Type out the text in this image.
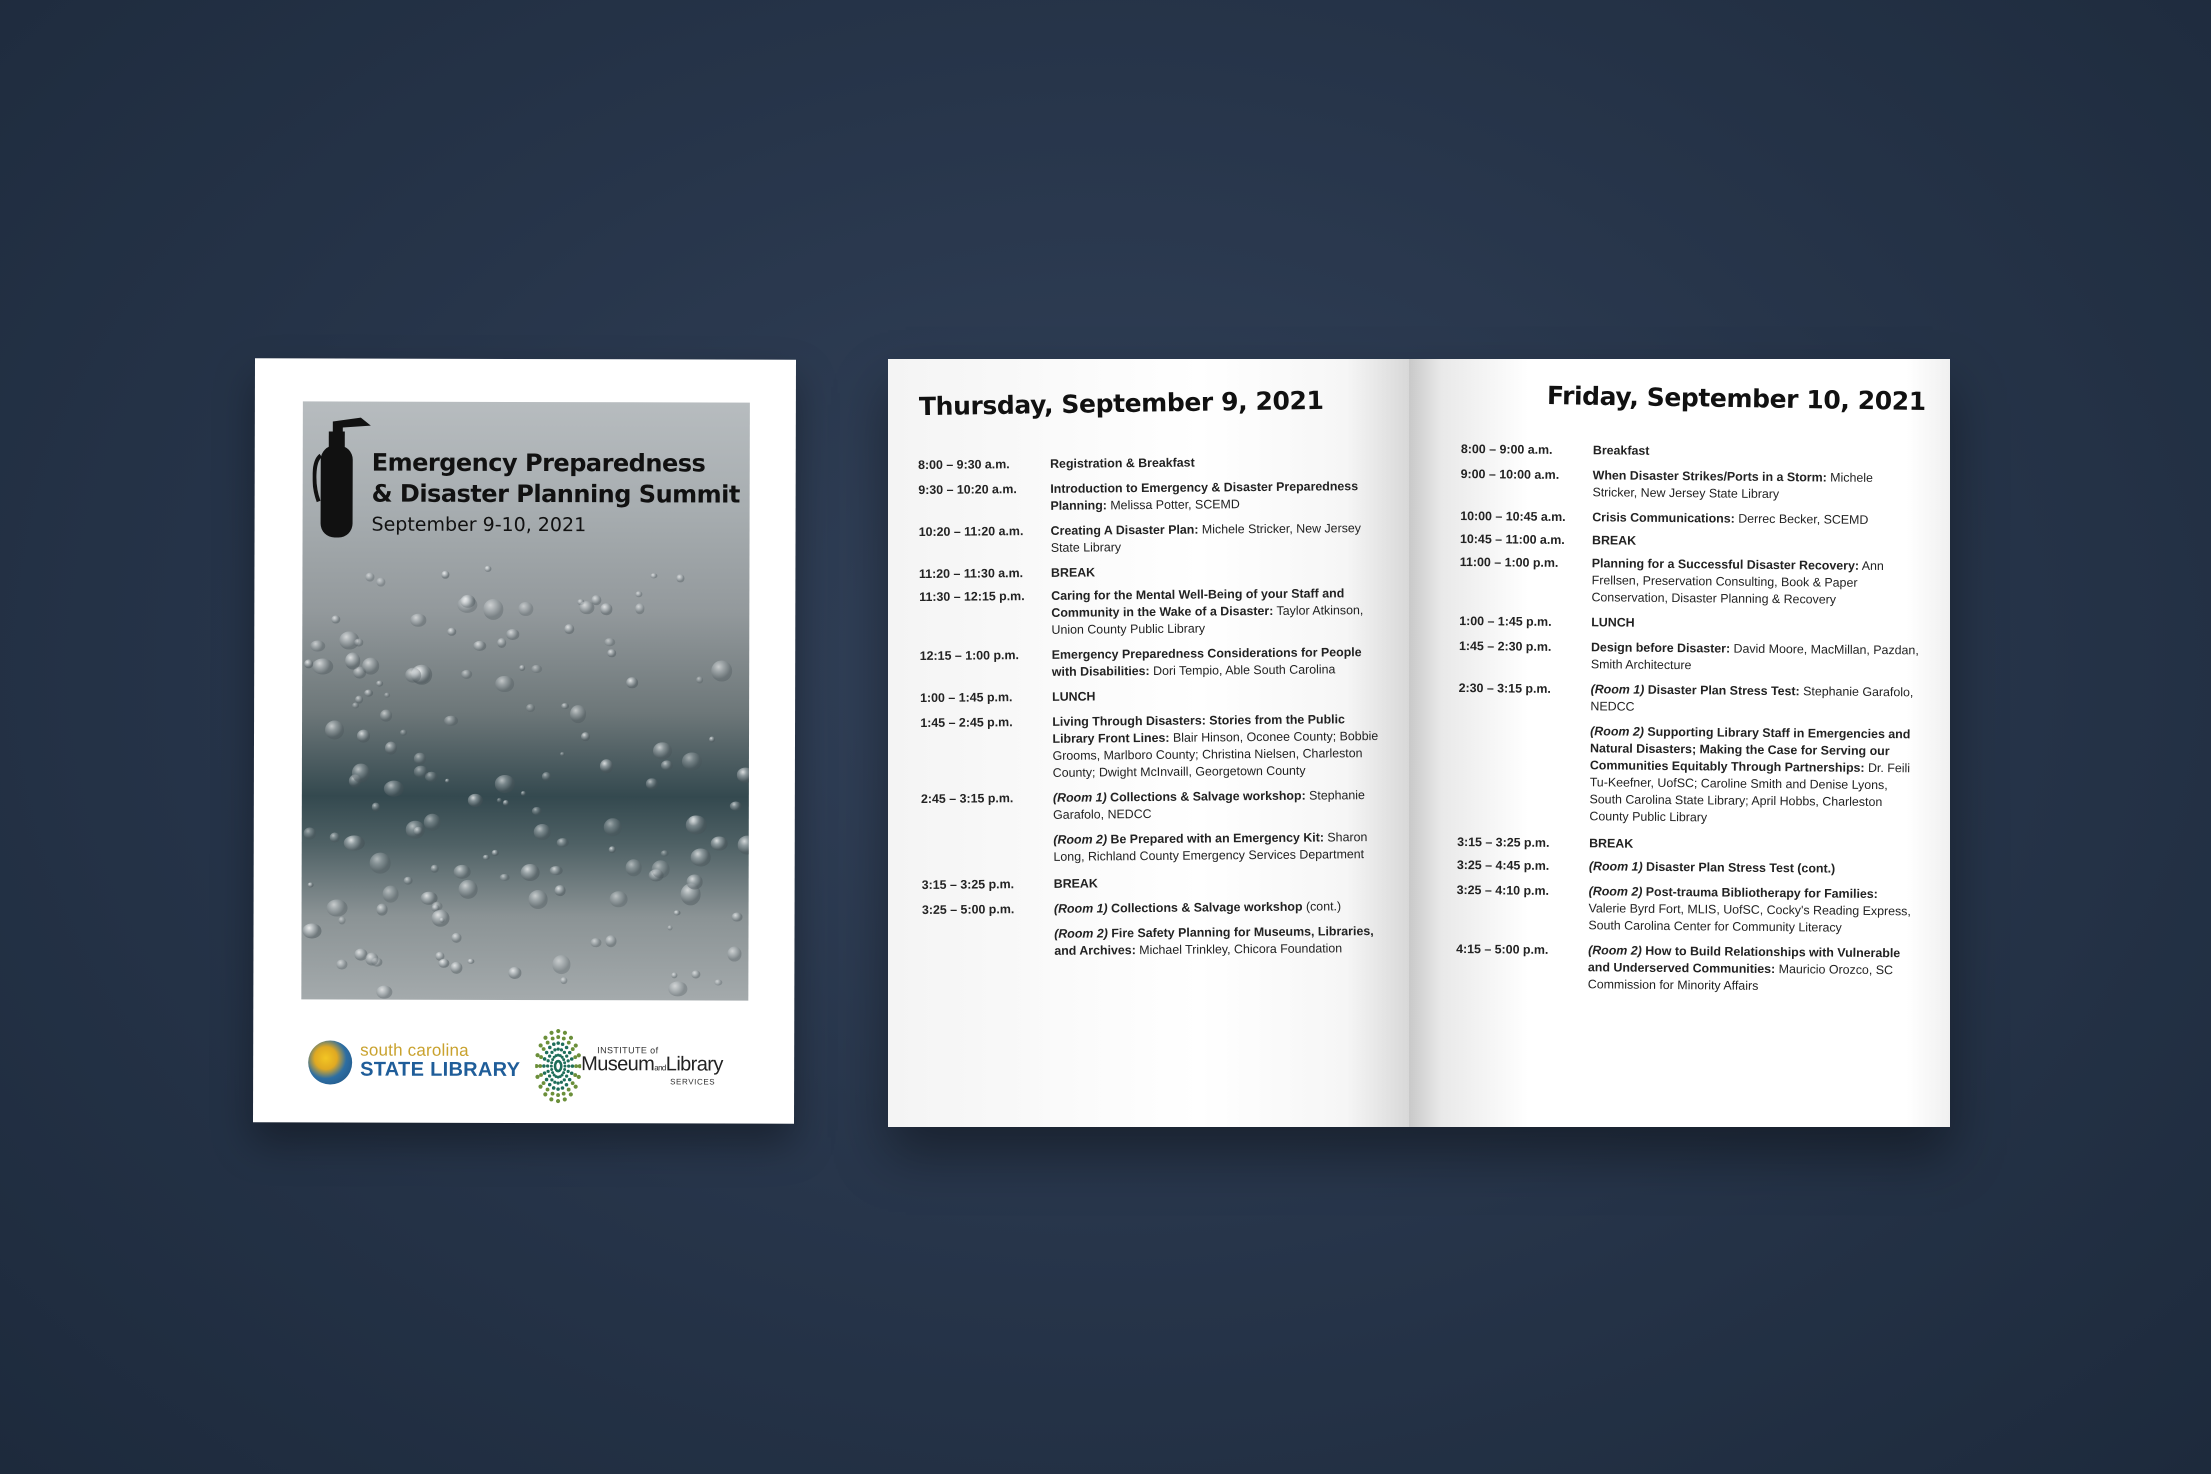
Emergency Preparedness
& Disaster Planning Summit
September 9-10, 2021
south carolina
STATE LIBRARY
INSTITUTE of
MuseumandLibrary
SERVICES
Thursday, September 9, 2021
8:00 – 9:30 a.m.	Registration & Breakfast
9:30 – 10:20 a.m.	Introduction to Emergency & Disaster Preparedness Planning: Melissa Potter, SCEMD
10:20 – 11:20 a.m.	Creating A Disaster Plan: Michele Stricker, New Jersey State Library
11:20 – 11:30 a.m.	BREAK
11:30 – 12:15 p.m.	Caring for the Mental Well-Being of your Staff and Community in the Wake of a Disaster: Taylor Atkinson, Union County Public Library
12:15 – 1:00 p.m.	Emergency Preparedness Considerations for People with Disabilities: Dori Tempio, Able South Carolina
1:00 – 1:45 p.m.	LUNCH
1:45 – 2:45 p.m.	Living Through Disasters: Stories from the Public Library Front Lines: Blair Hinson, Oconee County; Bobbie Grooms, Marlboro County; Christina Nielsen, Charleston County; Dwight McInvaill, Georgetown County
2:45 – 3:15 p.m.	(Room 1) Collections & Salvage workshop: Stephanie Garafolo, NEDCC
(Room 2) Be Prepared with an Emergency Kit: Sharon Long, Richland County Emergency Services Department
3:15 – 3:25 p.m.	BREAK
3:25 – 5:00 p.m.	(Room 1) Collections & Salvage workshop (cont.)
(Room 2) Fire Safety Planning for Museums, Libraries, and Archives: Michael Trinkley, Chicora Foundation
Friday, September 10, 2021
8:00 – 9:00 a.m.	Breakfast
9:00 – 10:00 a.m.	When Disaster Strikes/Ports in a Storm: Michele Stricker, New Jersey State Library
10:00 – 10:45 a.m.	Crisis Communications: Derrec Becker, SCEMD
10:45 – 11:00 a.m.	BREAK
11:00 – 1:00 p.m.	Planning for a Successful Disaster Recovery: Ann Frellsen, Preservation Consulting, Book & Paper Conservation, Disaster Planning & Recovery
1:00 – 1:45 p.m.	LUNCH
1:45 – 2:30 p.m.	Design before Disaster: David Moore, MacMillan, Pazdan, Smith Architecture
2:30 – 3:15 p.m.	(Room 1) Disaster Plan Stress Test: Stephanie Garafolo, NEDCC
(Room 2) Supporting Library Staff in Emergencies and Natural Disasters; Making the Case for Serving our Communities Equitably Through Partnerships: Dr. Feili Tu-Keefner, UofSC; Caroline Smith and Denise Lyons, South Carolina State Library; April Hobbs, Charleston County Public Library
3:15 – 3:25 p.m.	BREAK
3:25 – 4:45 p.m.	(Room 1) Disaster Plan Stress Test (cont.)
3:25 – 4:10 p.m.	(Room 2) Post-trauma Bibliotherapy for Families: Valerie Byrd Fort, MLIS, UofSC, Cocky's Reading Express, South Carolina Center for Community Literacy
4:15 – 5:00 p.m.	(Room 2) How to Build Relationships with Vulnerable and Underserved Communities: Mauricio Orozco, SC Commission for Minority Affairs
